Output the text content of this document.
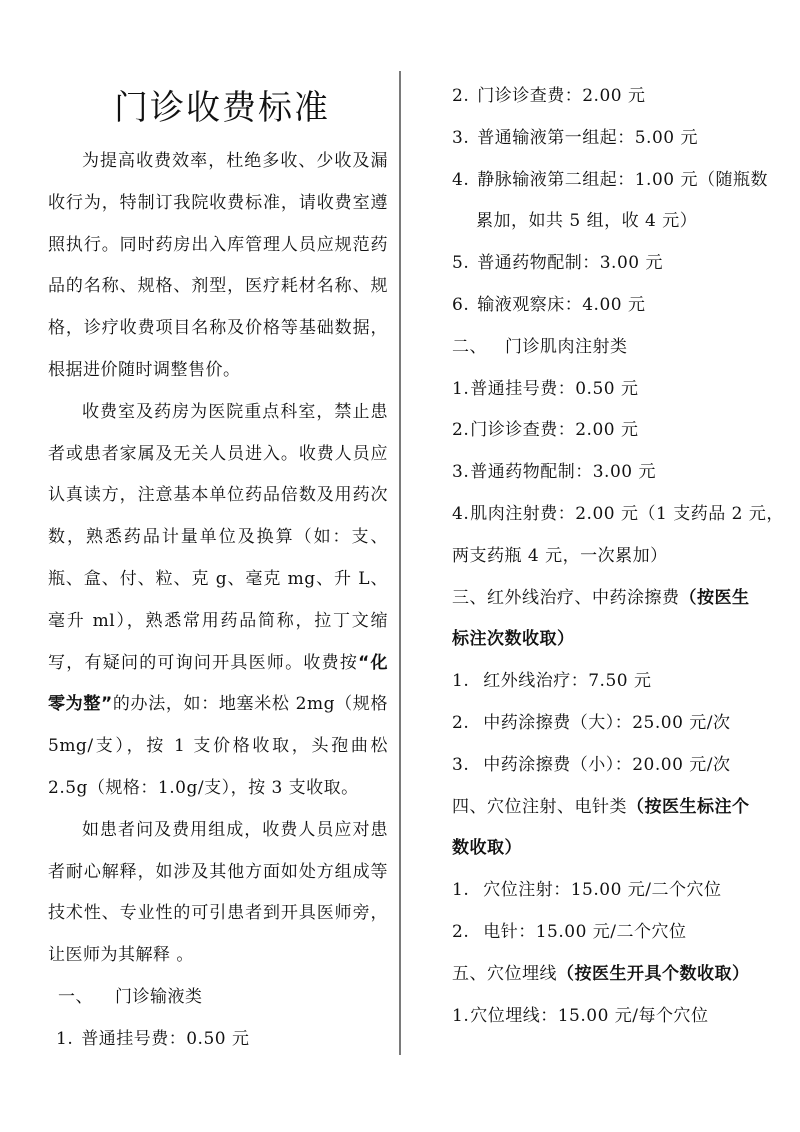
门诊收费标准

为提高收费效率，杜绝多收、少收及漏收行为，特制订我院收费标准，请收费室遵照执行。同时药房出入库管理人员应规范药品的名称、规格、剂型，医疗耗材名称、规格，诊疗收费项目名称及价格等基础数据，根据进价随时调整售价。

收费室及药房为医院重点科室，禁止患者或患者家属及无关人员进入。收费人员应认真读方，注意基本单位药品倍数及用药次数，熟悉药品计量单位及换算（如：支、瓶、盒、付、粒、克 g、毫克 mg、升 L、毫升 ml），熟悉常用药品简称，拉丁文缩写，有疑问的可询问开具医师。收费按“化零为整”的办法，如：地塞米松 2mg（规格 5mg/支），按 1 支价格收取，头孢曲松 2.5g（规格：1.0g/支），按 3 支收取。

如患者问及费用组成，收费人员应对患者耐心解释，如涉及其他方面如处方组成等技术性、专业性的可引患者到开具医师旁，让医师为其解释 。

一、 门诊输液类
1. 普通挂号费：0.50 元
2. 门诊诊查费：2.00 元
3. 普通输液第一组起：5.00 元
4. 静脉输液第二组起：1.00 元（随瓶数
累加，如共 5 组，收 4 元）
5. 普通药物配制：3.00 元
6. 输液观察床：4.00 元
二、 门诊肌肉注射类
1.普通挂号费：0.50 元
2.门诊诊查费：2.00 元
3.普通药物配制：3.00 元
4.肌肉注射费：2.00 元（1 支药品 2 元，
两支药瓶 4 元，一次累加）
三、红外线治疗、中药涂擦费（按医生
标注次数收取）
1. 红外线治疗：7.50 元
2. 中药涂擦费（大）：25.00 元/次
3. 中药涂擦费（小）：20.00 元/次
四、穴位注射、电针类（按医生标注个
数收取）
1. 穴位注射：15.00 元/二个穴位
2. 电针：15.00 元/二个穴位
五、穴位埋线（按医生开具个数收取）
1.穴位埋线：15.00 元/每个穴位
